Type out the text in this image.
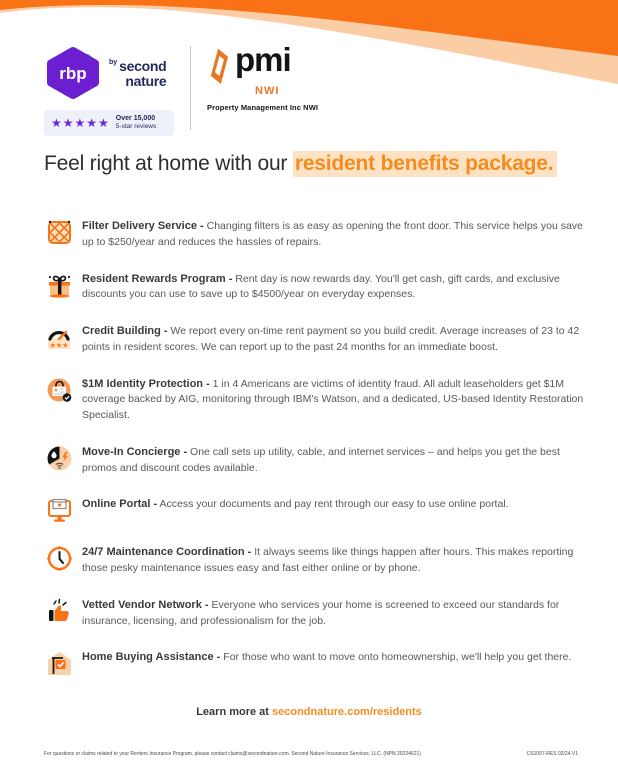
rbp
$^{by}$ second
nature
★★★★★ Over 15,000
5-star reviews
pmi
NWI
Property Management Inc NWI
Feel right at home with our resident benefits package.

Filter Delivery Service - Changing filters is as easy as opening the front door. This service helps you save up to $250/year and reduces the hassles of repairs.

Resident Rewards Program - Rent day is now rewards day. You'll get cash, gift cards, and exclusive discounts you can use to save up to $4500/year on everyday expenses.

★★★

Credit Building - We report every on-time rent payment so you build credit. Average increases of 23 to 42 points in resident scores. We can report up to the past 24 months for an immediate boost.

$1M Identity Protection - 1 in 4 Americans are victims of identity fraud. All adult leaseholders get $1M coverage backed by AIG, monitoring through IBM's Watson, and a dedicated, US-based Identity Restoration Specialist.

Move-In Concierge - One call sets up utility, cable, and internet services – and helps you get the best promos and discount codes available.

Online Portal - Access your documents and pay rent through our easy to use online portal.

24/7 Maintenance Coordination - It always seems like things happen after hours. This makes reporting those pesky maintenance issues easy and fast either online or by phone.

Vetted Vendor Network - Everyone who services your home is screened to exceed our standards for insurance, licensing, and professionalism for the job.

Home Buying Assistance - For those who want to move onto homeownership, we'll help you get there.

Learn more at secondnature.com/residents
For questions or claims related to your Renters Insurance Program, please contact claims@secondnature.com. Second Nature Insurance Services, LLC. (NPN 20224621)	CS1007-RES 02/24 V1
